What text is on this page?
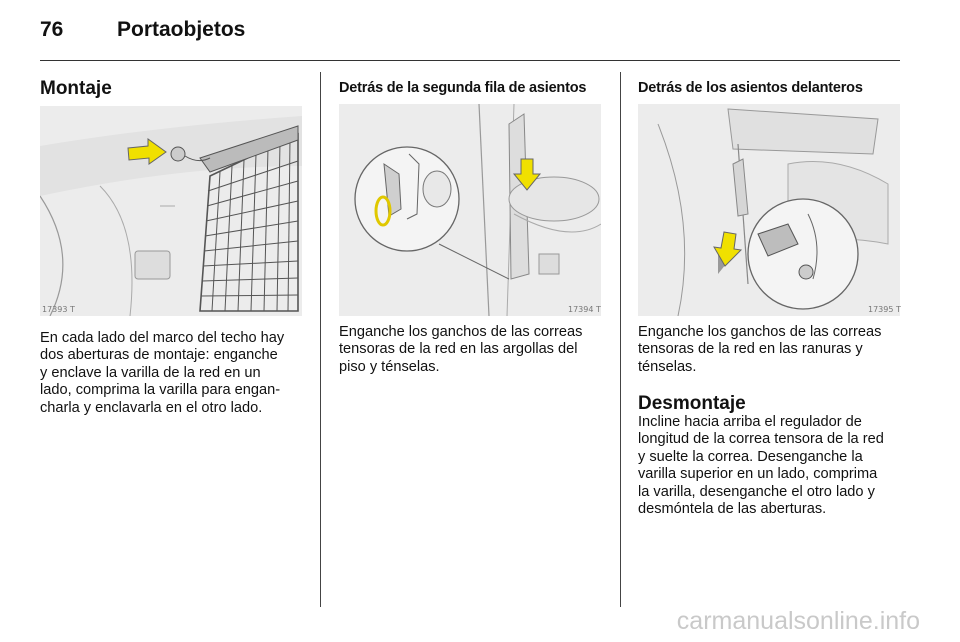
76	Portaobjetos
Montaje
17393 T
En cada lado del marco del techo hay
dos aberturas de montaje: enganche
y enclave la varilla de la red en un
lado, comprima la varilla para engan-
charla y enclavarla en el otro lado.
Detrás de la segunda fila de asientos
17394 T
Enganche los ganchos de las correas
tensoras de la red en las argollas del
piso y ténselas.
Detrás de los asientos delanteros
17395 T
Enganche los ganchos de las correas
tensoras de la red en las ranuras y
ténselas.
Desmontaje
Incline hacia arriba el regulador de
longitud de la correa tensora de la red
y suelte la correa. Desenganche la
varilla superior en un lado, comprima
la varilla, desenganche el otro lado y
desmóntela de las aberturas.
carmanualsonline.info
